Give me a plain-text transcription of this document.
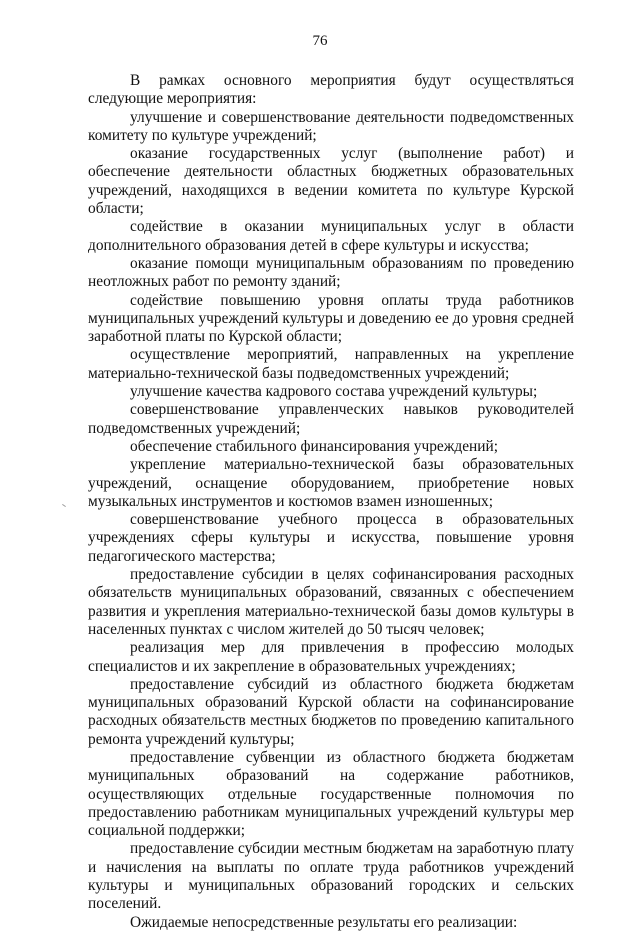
76

В рамках основного мероприятия будут осуществляться следующие мероприятия:

улучшение и совершенствование деятельности подведомственных комитету по культуре учреждений;

оказание государственных услуг (выполнение работ) и обеспечение деятельности областных бюджетных образовательных учреждений, находящихся в ведении комитета по культуре Курской области;

содействие в оказании муниципальных услуг в области дополнительного образования детей в сфере культуры и искусства;

оказание помощи муниципальным образованиям по проведению неотложных работ по ремонту зданий;

содействие повышению уровня оплаты труда работников муниципальных учреждений культуры и доведению ее до уровня средней заработной платы по Курской области;

осуществление мероприятий, направленных на укрепление материально-технической базы подведомственных учреждений;

улучшение качества кадрового состава учреждений культуры;

совершенствование управленческих навыков руководителей подведомственных учреждений;

обеспечение стабильного финансирования учреждений;

укрепление материально-технической базы образовательных учреждений, оснащение оборудованием, приобретение новых музыкальных инструментов и костюмов взамен изношенных;

совершенствование учебного процесса в образовательных учреждениях сферы культуры и искусства, повышение уровня педагогического мастерства;

предоставление субсидии в целях софинансирования расходных обязательств муниципальных образований, связанных с обеспечением развития и укрепления материально-технической базы домов культуры в населенных пунктах с числом жителей до 50 тысяч человек;

реализация мер для привлечения в профессию молодых специалистов и их закрепление в образовательных учреждениях;

предоставление субсидий из областного бюджета бюджетам муниципальных образований Курской области на софинансирование расходных обязательств местных бюджетов по проведению капитального ремонта учреждений культуры;

предоставление субвенции из областного бюджета бюджетам муниципальных образований на содержание работников, осуществляющих отдельные государственные полномочия по предоставлению работникам муниципальных учреждений культуры мер социальной поддержки;

предоставление субсидии местным бюджетам на заработную плату и начисления на выплаты по оплате труда работников учреждений культуры и муниципальных образований городских и сельских поселений.

Ожидаемые непосредственные результаты его реализации:
